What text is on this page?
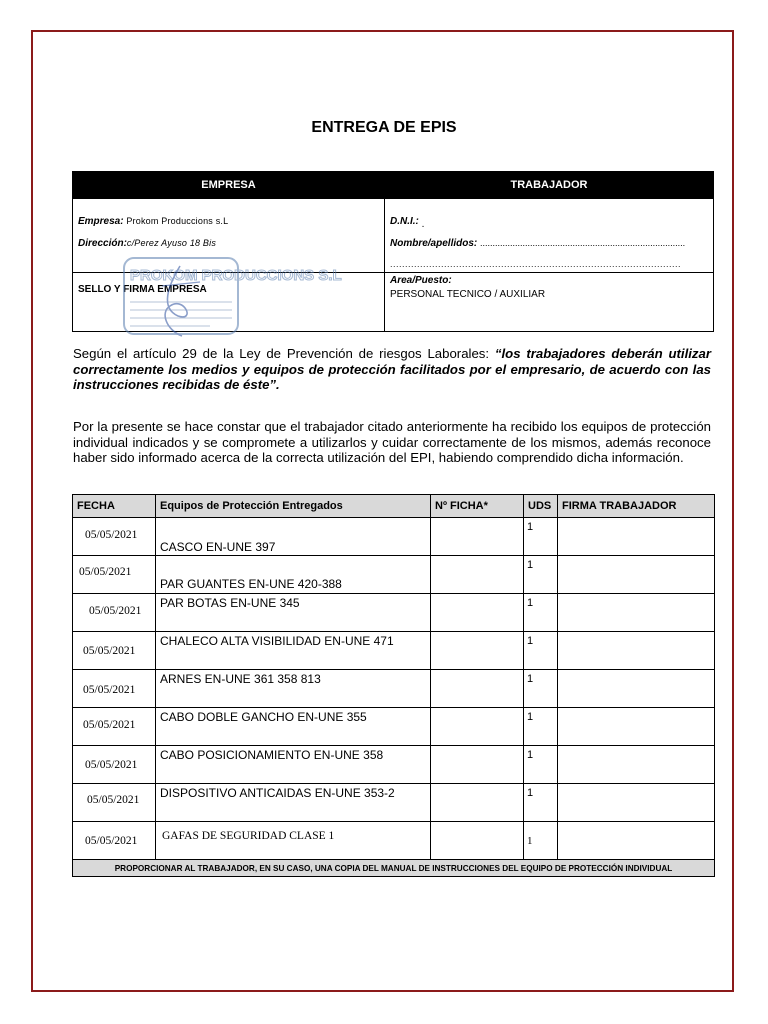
ENTREGA DE EPIS
EMPRESA	TRABAJADOR
Empresa: Prokom Produccions s.L
Dirección:c/Perez Ayuso 18 Bis
SELLO Y FIRMA EMPRESA
D.N.I.: .
Nombre/apellidos: ..................................................................................
.................................................................................................
Area/Puesto:
PERSONAL TECNICO / AUXILIAR
PROKOM PRODUCCIONS S.L
Según el artículo 29 de la Ley de Prevención de riesgos Laborales: “los trabajadores deberán utilizar correctamente los medios y equipos de protección facilitados por el empresario, de acuerdo con las instrucciones recibidas de éste”.
Por la presente se hace constar que el trabajador citado anteriormente ha recibido los equipos de protección individual indicados y se compromete a utilizarlos y cuidar correctamente de los mismos, además reconoce haber sido informado acerca de la correcta utilización del EPI, habiendo comprendido dicha información.
FECHA	Equipos de Protección Entregados	Nº FICHA*	UDS	FIRMA TRABAJADOR

05/05/2021	CASCO EN-UNE 397		1	

05/05/2021	PAR GUANTES EN-UNE 420-388		1	

05/05/2021	PAR BOTAS EN-UNE 345		1	

05/05/2021	CHALECO ALTA VISIBILIDAD EN-UNE 471		1	

05/05/2021	ARNES EN-UNE 361 358 813		1	

05/05/2021	CABO DOBLE GANCHO EN-UNE 355		1	

05/05/2021	CABO POSICIONAMIENTO EN-UNE 358		1	

05/05/2021	DISPOSITIVO ANTICAIDAS EN-UNE 353-2		1	

05/05/2021	GAFAS DE SEGURIDAD CLASE 1		1	

PROPORCIONAR AL TRABAJADOR, EN SU CASO, UNA COPIA DEL MANUAL DE INSTRUCCIONES DEL EQUIPO DE PROTECCIÓN INDIVIDUAL				
